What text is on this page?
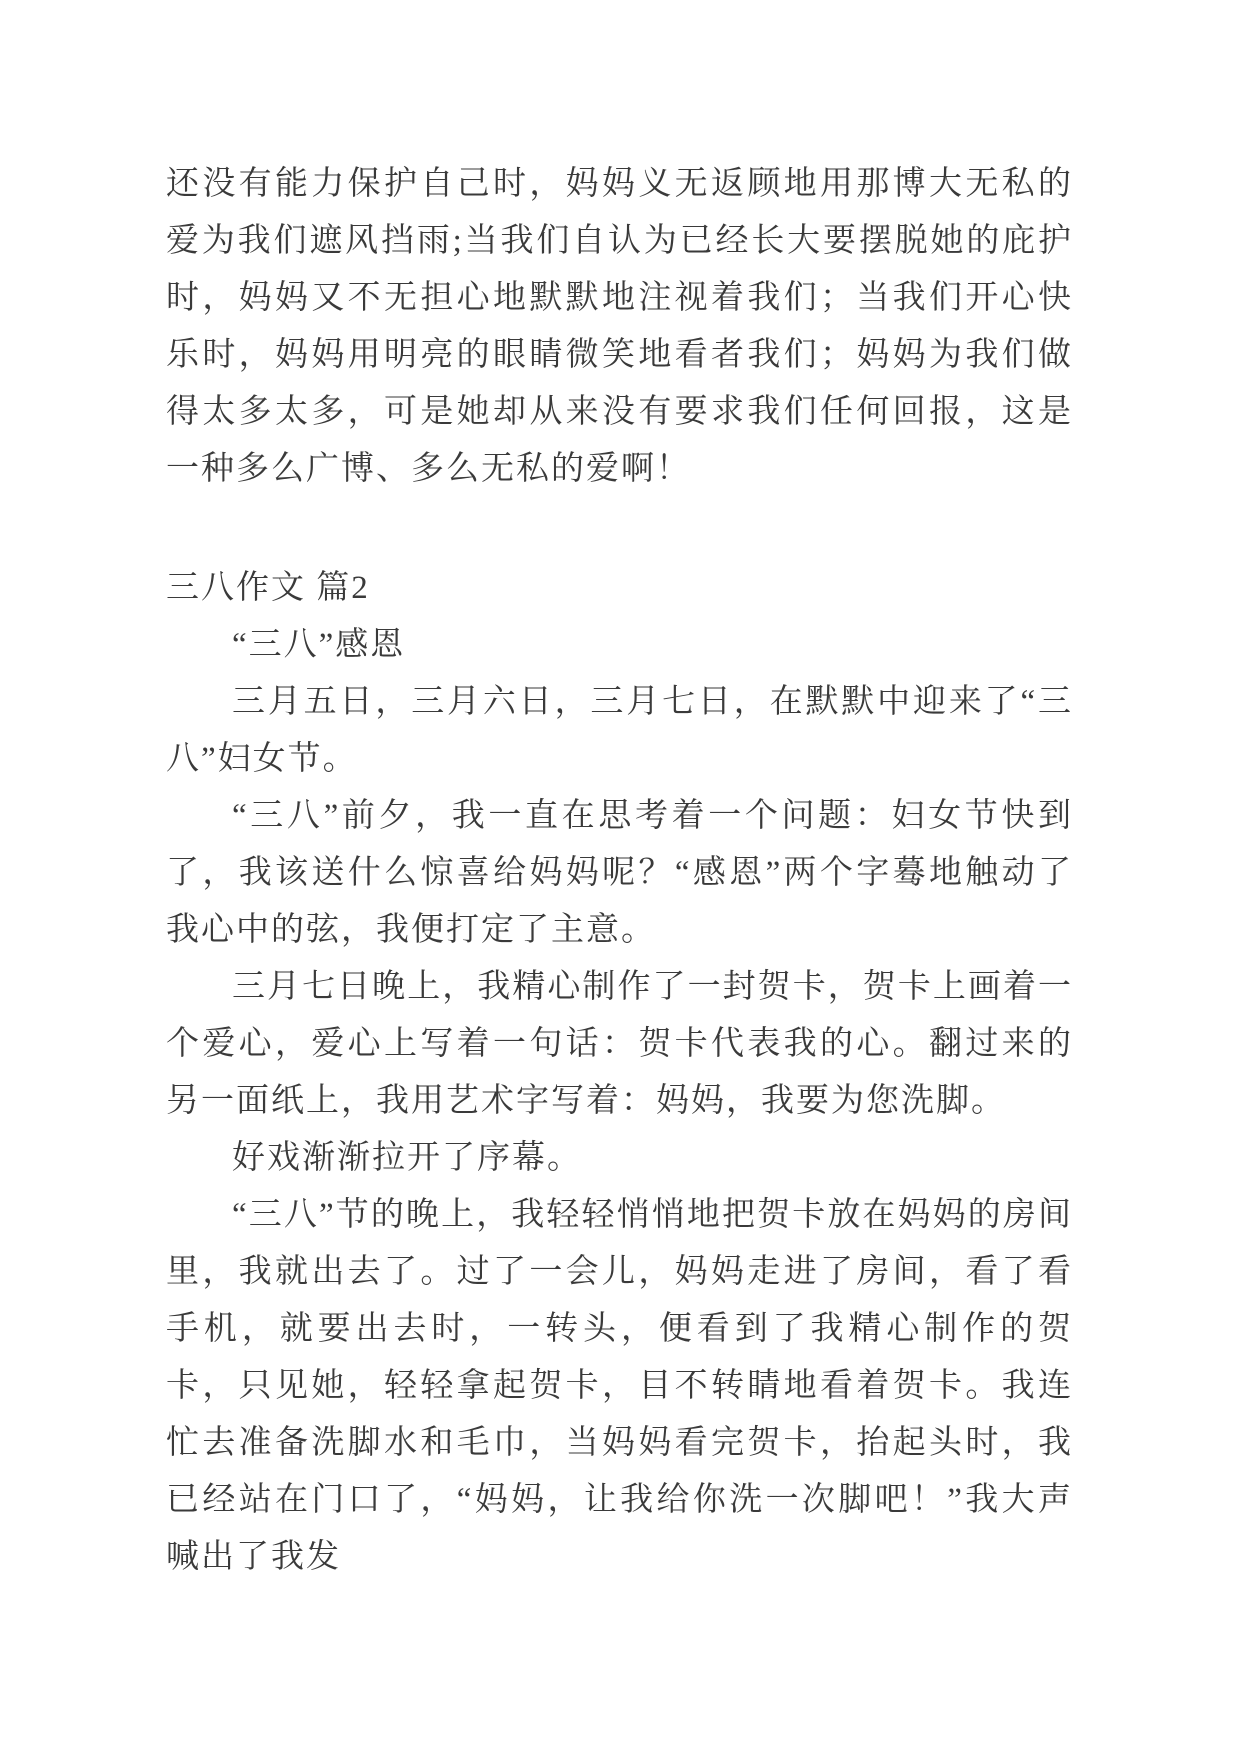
还没有能力保护自己时，妈妈义无返顾地用那博大无私的爱为我们遮风挡雨;当我们自认为已经长大要摆脱她的庇护时，妈妈又不无担心地默默地注视着我们；当我们开心快乐时，妈妈用明亮的眼睛微笑地看者我们；妈妈为我们做得太多太多，可是她却从来没有要求我们任何回报，这是一种多么广博、多么无私的爱啊！

三八作文 篇2

“三八”感恩

三月五日，三月六日，三月七日，在默默中迎来了“三八”妇女节。

“三八”前夕，我一直在思考着一个问题：妇女节快到了，我该送什么惊喜给妈妈呢？“感恩”两个字蓦地触动了我心中的弦，我便打定了主意。

三月七日晚上，我精心制作了一封贺卡，贺卡上画着一个爱心，爱心上写着一句话：贺卡代表我的心。翻过来的另一面纸上，我用艺术字写着：妈妈，我要为您洗脚。

好戏渐渐拉开了序幕。

“三八”节的晚上，我轻轻悄悄地把贺卡放在妈妈的房间里，我就出去了。过了一会儿，妈妈走进了房间，看了看手机，就要出去时，一转头，便看到了我精心制作的贺卡，只见她，轻轻拿起贺卡，目不转睛地看着贺卡。我连忙去准备洗脚水和毛巾，当妈妈看完贺卡，抬起头时，我已经站在门口了，“妈妈，让我给你洗一次脚吧！”我大声喊出了我发
